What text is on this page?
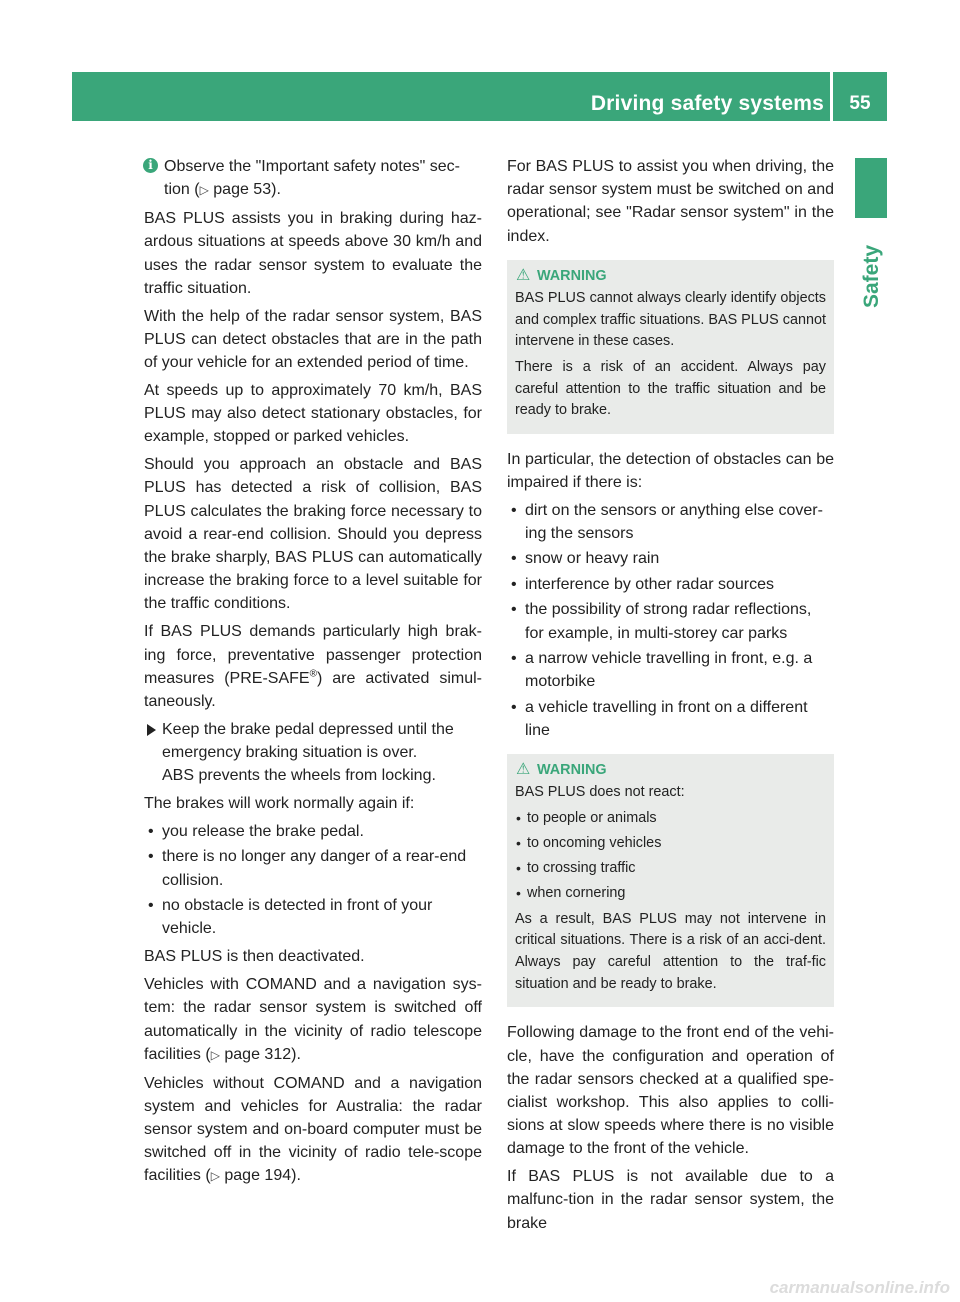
Driving safety systems	55
Safety
i Observe the "Important safety notes" sec-tion (▷ page 53).

BAS PLUS assists you in braking during haz-ardous situations at speeds above 30 km/h and uses the radar sensor system to evaluate the traffic situation.

With the help of the radar sensor system, BAS PLUS can detect obstacles that are in the path of your vehicle for an extended period of time.

At speeds up to approximately 70 km/h, BAS PLUS may also detect stationary obstacles, for example, stopped or parked vehicles.

Should you approach an obstacle and BAS PLUS has detected a risk of collision, BAS PLUS calculates the braking force necessary to avoid a rear-end collision. Should you depress the brake sharply, BAS PLUS can automatically increase the braking force to a level suitable for the traffic conditions.

If BAS PLUS demands particularly high brak-ing force, preventative passenger protection measures (PRE-SAFE®) are activated simul-taneously.

Keep the brake pedal depressed until the emergency braking situation is over.
ABS prevents the wheels from locking.

The brakes will work normally again if:

• you release the brake pedal.
• there is no longer any danger of a rear-end collision.
• no obstacle is detected in front of your vehicle.

BAS PLUS is then deactivated.

Vehicles with COMAND and a navigation sys-tem: the radar sensor system is switched off automatically in the vicinity of radio telescope facilities (▷ page 312).

Vehicles without COMAND and a navigation system and vehicles for Australia: the radar sensor system and on-board computer must be switched off in the vicinity of radio tele-scope facilities (▷ page 194).

For BAS PLUS to assist you when driving, the radar sensor system must be switched on and operational; see "Radar sensor system" in the index.

⚠ WARNING

BAS PLUS cannot always clearly identify objects and complex traffic situations. BAS PLUS cannot intervene in these cases.

There is a risk of an accident. Always pay careful attention to the traffic situation and be ready to brake.

In particular, the detection of obstacles can be impaired if there is:

• dirt on the sensors or anything else cover-ing the sensors
• snow or heavy rain
• interference by other radar sources
• the possibility of strong radar reflections, for example, in multi-storey car parks
• a narrow vehicle travelling in front, e.g. a motorbike
• a vehicle travelling in front on a different line
⚠ WARNING

BAS PLUS does not react:

• to people or animals
• to oncoming vehicles
• to crossing traffic
• when cornering

As a result, BAS PLUS may not intervene in critical situations. There is a risk of an acci-dent. Always pay careful attention to the traf-fic situation and be ready to brake.

Following damage to the front end of the vehi-cle, have the configuration and operation of the radar sensors checked at a qualified spe-cialist workshop. This also applies to colli-sions at slow speeds where there is no visible damage to the front of the vehicle.

If BAS PLUS is not available due to a malfunc-tion in the radar sensor system, the brake

carmanualsonline.info
